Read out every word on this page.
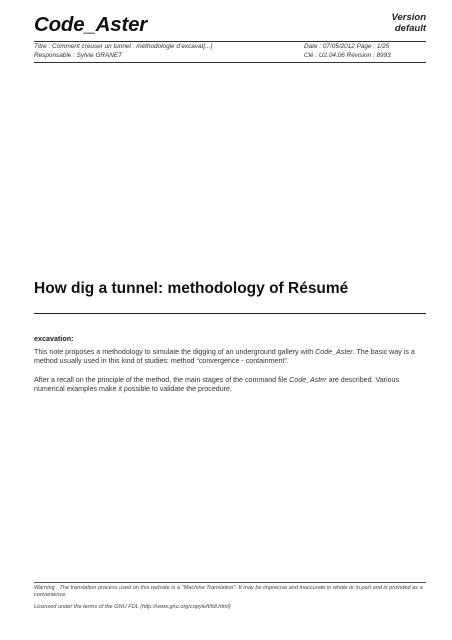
Code_Aster	Version
default
Titre : Comment creuser un tunnel : méthodologie d’excavat[...]	Date : 07/05/2012 Page : 1/25
Responsable : Sylvie GRANET	Clé : U2.04.06 Révision : 8993
How dig a tunnel: methodology of Résumé
excavation:
This note proposes a methodology to simulate the digging of an underground gallery with Code_Aster. The basic way is a method usually used in this kind of studies: method “convergence - containment”.
After a recall on the principle of the method, the main stages of the command file Code_Aster are described. Various numerical examples make it possible to validate the procedure.
Warning : The translation process used on this website is a "Machine Translation". It may be imprecise and inaccurate in whole or in part and is provided as a convenience.
Licensed under the terms of the GNU FDL (http://www.gnu.org/copyleft/fdl.html)
